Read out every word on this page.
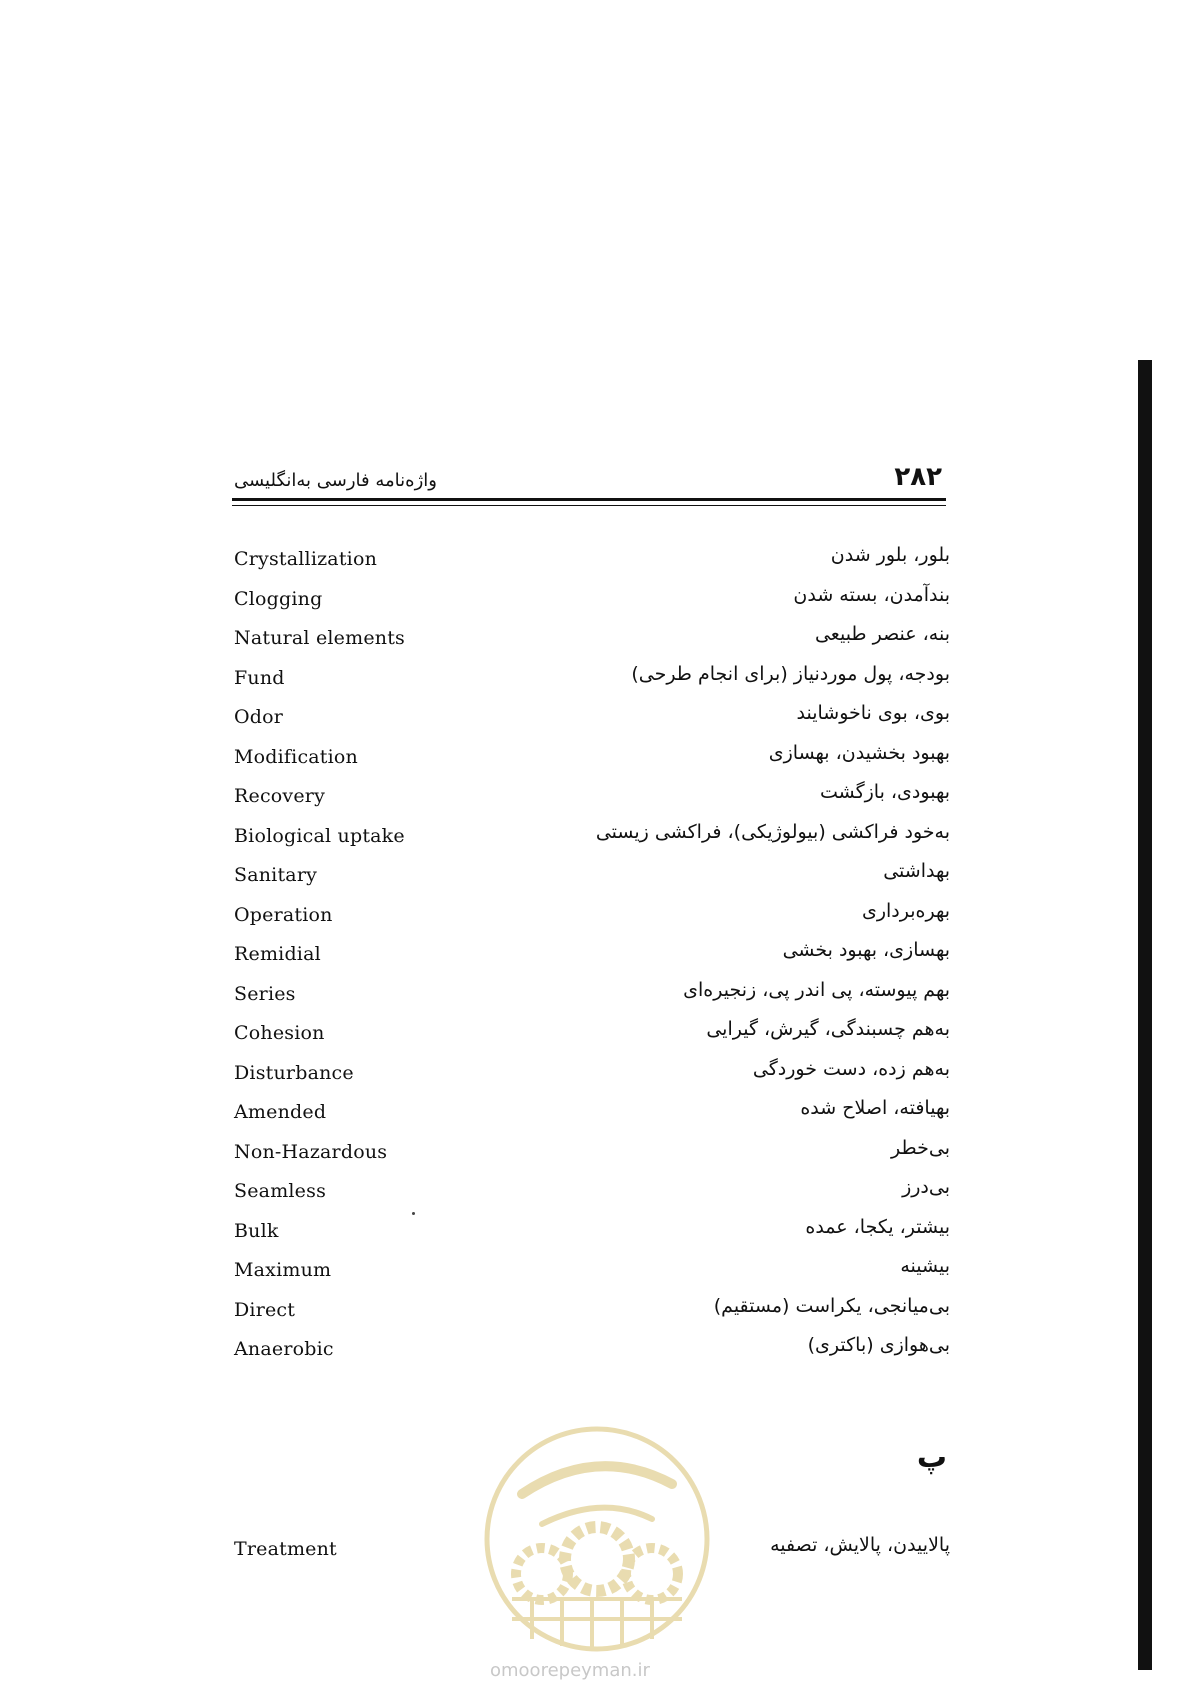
واژه‌نامه فارسی به‌انگلیسی	۲۸۲
Crystallization	بلور، بلور شدن
Clogging	بندآمدن، بسته شدن
Natural elements	بنه، عنصر طبیعی
Fund	بودجه، پول موردنیاز (برای انجام طرحی)
Odor	بوی، بوی ناخوشایند
Modification	بهبود بخشیدن، بهسازی
Recovery	بهبودی، بازگشت
Biological uptake	به‌خود فراکشی (بیولوژیکی)، فراکشی زیستی
Sanitary	بهداشتی
Operation	بهره‌برداری
Remidial	بهسازی، بهبود بخشی
Series	بهم پیوسته، پی اندر پی، زنجیره‌ای
Cohesion	به‌هم چسبندگی، گیرش، گیرایی
Disturbance	به‌هم زده، دست خوردگی
Amended	بهیافته، اصلاح شده
Non-Hazardous	بی‌خطر
Seamless	بی‌درز
Bulk	بیشتر، یکجا، عمده
Maximum	بیشینه
Direct	بی‌میانجی، یکراست (مستقیم)
Anaerobic	بی‌هوازی (باکتری)
پ
omoorepeyman.ir
Treatment	پالاییدن، پالایش، تصفیه
